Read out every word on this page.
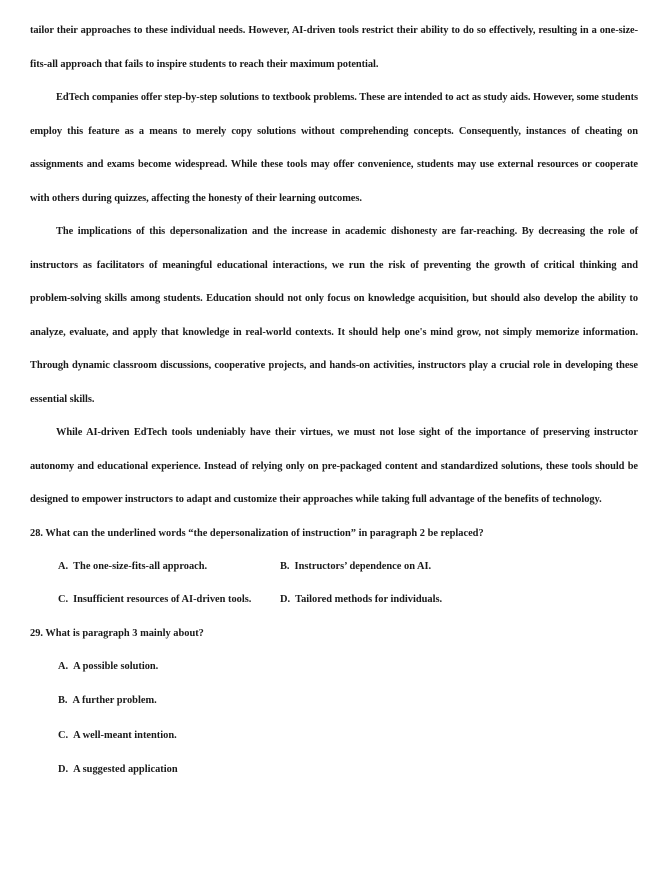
tailor their approaches to these individual needs. However, AI-driven tools restrict their ability to do so effectively, resulting in a one-size-fits-all approach that fails to inspire students to reach their maximum potential.

EdTech companies offer step-by-step solutions to textbook problems. These are intended to act as study aids. However, some students employ this feature as a means to merely copy solutions without comprehending concepts. Consequently, instances of cheating on assignments and exams become widespread. While these tools may offer convenience, students may use external resources or cooperate with others during quizzes, affecting the honesty of their learning outcomes.

The implications of this depersonalization and the increase in academic dishonesty are far-reaching. By decreasing the role of instructors as facilitators of meaningful educational interactions, we run the risk of preventing the growth of critical thinking and problem-solving skills among students. Education should not only focus on knowledge acquisition, but should also develop the ability to analyze, evaluate, and apply that knowledge in real-world contexts. It should help one's mind grow, not simply memorize information. Through dynamic classroom discussions, cooperative projects, and hands-on activities, instructors play a crucial role in developing these essential skills.

While AI-driven EdTech tools undeniably have their virtues, we must not lose sight of the importance of preserving instructor autonomy and educational experience. Instead of relying only on pre-packaged content and standardized solutions, these tools should be designed to empower instructors to adapt and customize their approaches while taking full advantage of the benefits of technology.

28. What can the underlined words “the depersonalization of instruction” in paragraph 2 be replaced?

A. The one-size-fits-all approach.	B. Instructors’ dependence on AI.
C. Insufficient resources of AI-driven tools.	D. Tailored methods for individuals.

29. What is paragraph 3 mainly about?

A. A possible solution.

B. A further problem.

C. A well-meant intention.

D. A suggested application
